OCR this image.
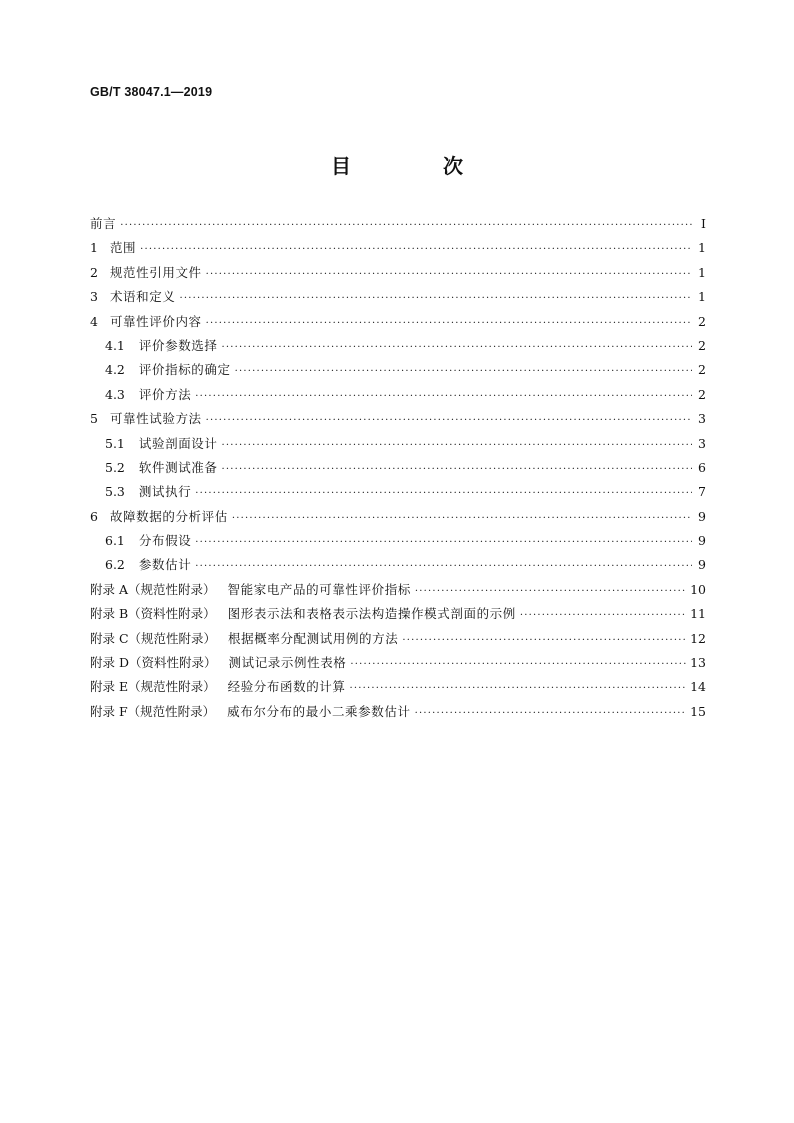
GB/T 38047.1—2019
目　次
前言 ·····	Ⅰ
1 范围 ·····	1
2 规范性引用文件 ·····	1
3 术语和定义 ·····	1
4 可靠性评价内容 ·····	2
4.1	评价参数选择 ·····	2
4.2	评价指标的确定 ·····	2
4.3	评价方法 ·····	2
5 可靠性试验方法 ·····	3
5.1	试验剖面设计 ·····	3
5.2	软件测试准备 ·····	6
5.3	测试执行 ·····	7
6 故障数据的分析评估 ·····	9
6.1	分布假设 ·····	9
6.2	参数估计 ·····	9
附录 A（规范性附录） 智能家电产品的可靠性评价指标 ·····	10
附录 B（资料性附录） 图形表示法和表格表示法构造操作模式剖面的示例 ·····	11
附录 C（规范性附录） 根据概率分配测试用例的方法 ·····	12
附录 D（资料性附录） 测试记录示例性表格 ·····	13
附录 E（规范性附录） 经验分布函数的计算 ·····	14
附录 F（规范性附录） 威布尔分布的最小二乘参数估计 ·····	15
